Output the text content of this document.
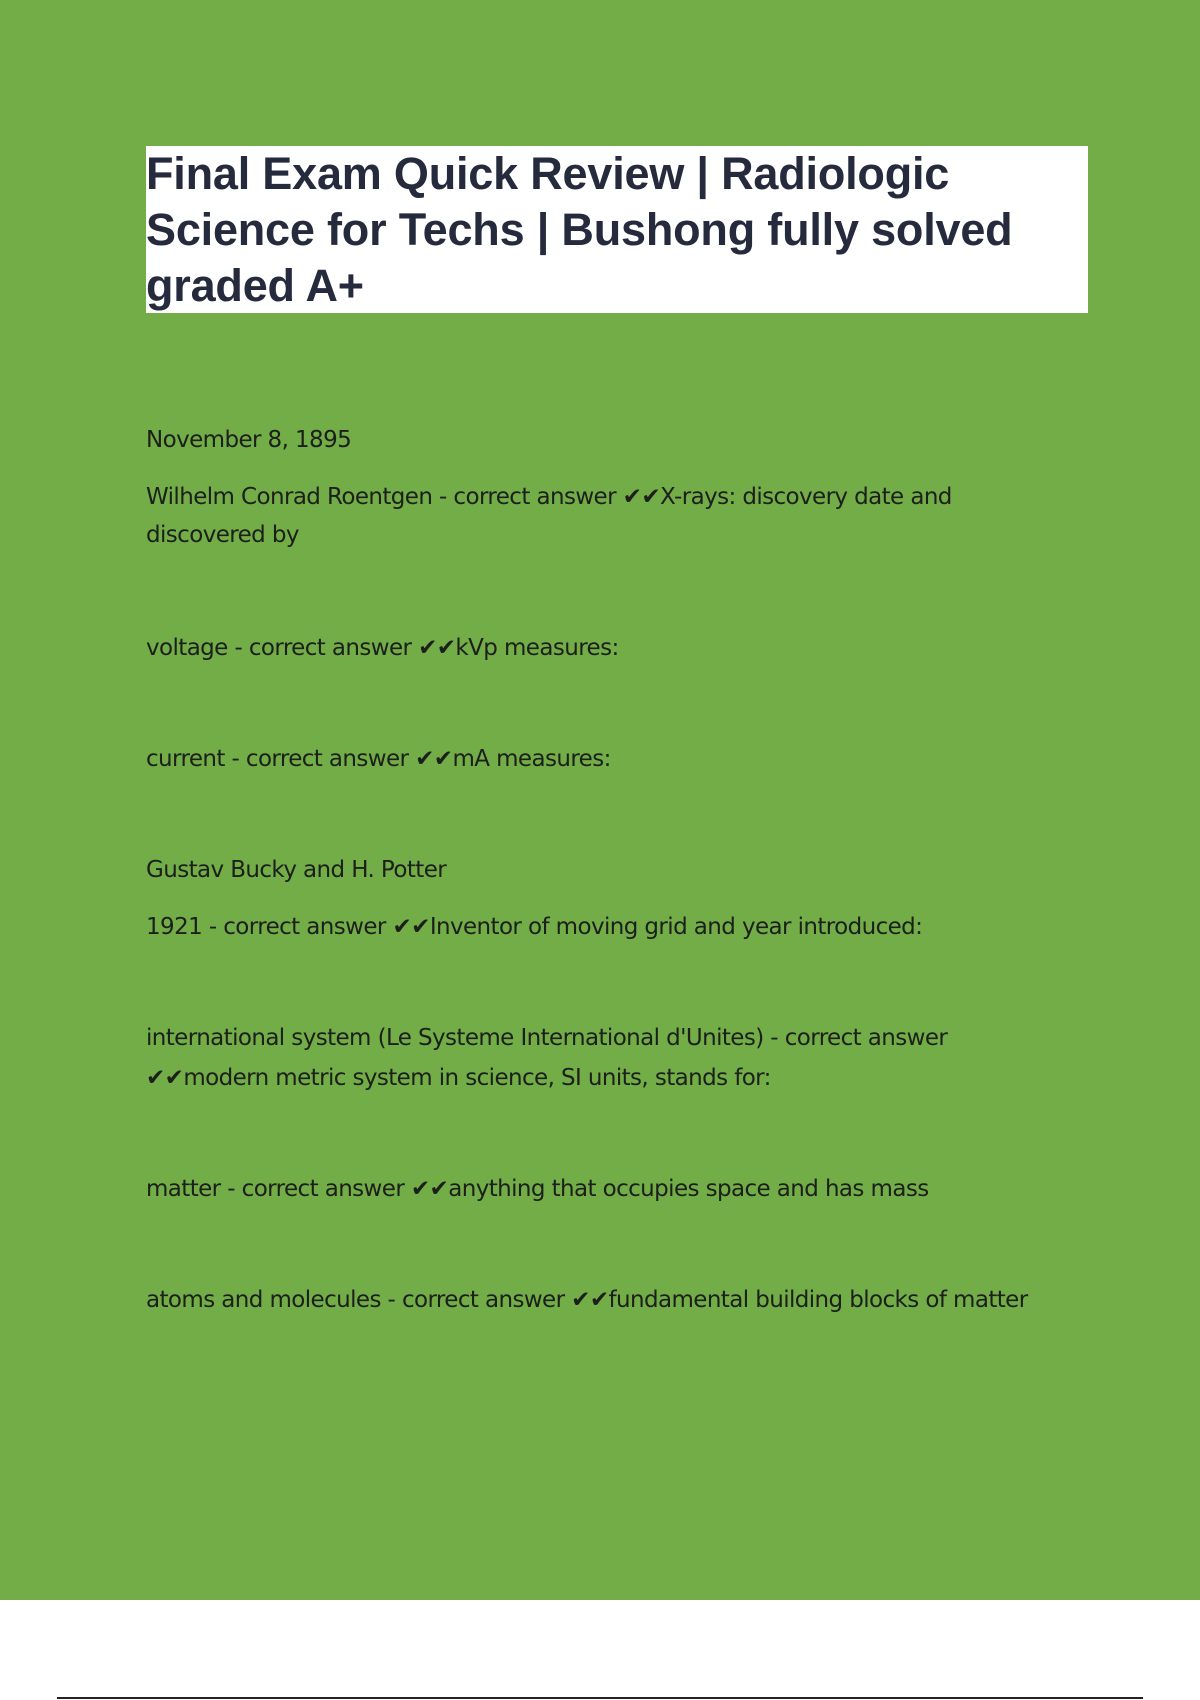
Final Exam Quick Review | Radiologic
Science for Techs | Bushong fully solved
graded A+
November 8, 1895
Wilhelm Conrad Roentgen - correct answer ✔✔X-rays: discovery date and
discovered by
voltage - correct answer ✔✔kVp measures:
current - correct answer ✔✔mA measures:
Gustav Bucky and H. Potter
1921 - correct answer ✔✔Inventor of moving grid and year introduced:
international system (Le Systeme International d'Unites) - correct answer
✔✔modern metric system in science, SI units, stands for:
matter - correct answer ✔✔anything that occupies space and has mass
atoms and molecules - correct answer ✔✔fundamental building blocks of matter
